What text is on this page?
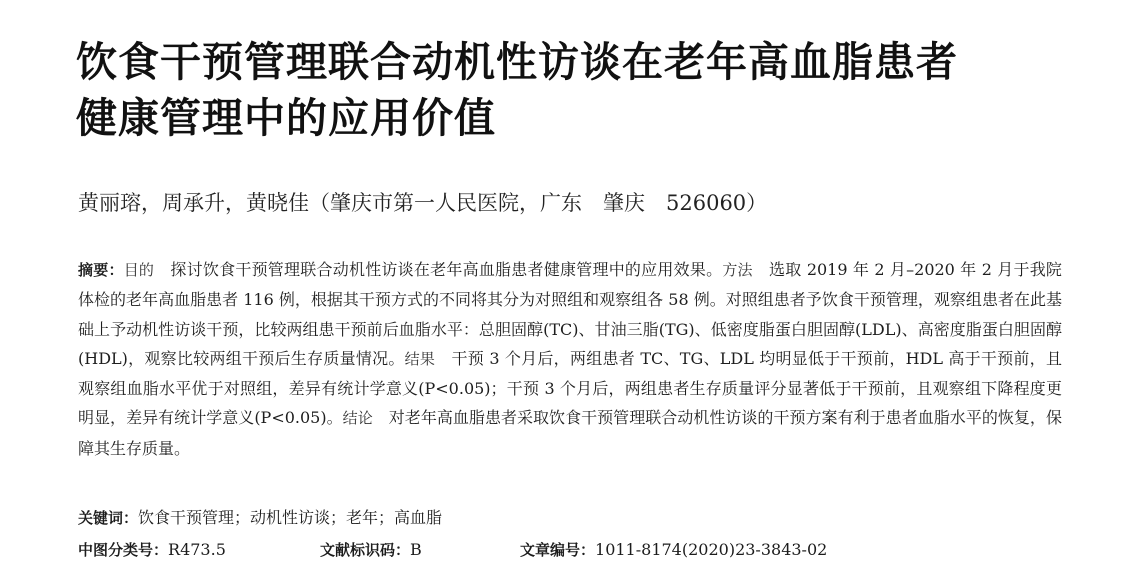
饮食干预管理联合动机性访谈在老年高血脂患者
健康管理中的应用价值
黄丽瑢，周承升，黄晓佳（肇庆市第一人民医院，广东　肇庆　526060）
摘要：目的　 探讨饮食干预管理联合动机性访谈在老年高血脂患者健康管理中的应用效果。方法　 选取 2019 年 2 月–2020 年 2 月于我院体检的老年高血脂患者 116 例，根据其干预方式的不同将其分为对照组和观察组各 58 例。对照组患者予饮食干预管理，观察组患者在此基础上予动机性访谈干预，比较两组患干预前后血脂水平：总胆固醇(TC)、甘油三脂(TG)、低密度脂蛋白胆固醇(LDL)、高密度脂蛋白胆固醇(HDL)，观察比较两组干预后生存质量情况。结果　 干预 3 个月后，两组患者 TC、TG、LDL 均明显低于干预前，HDL 高于干预前，且观察组血脂水平优于对照组，差异有统计学意义(P<0.05)；干预 3 个月后，两组患者生存质量评分显著低于干预前，且观察组下降程度更明显，差异有统计学意义(P<0.05)。结论　 对老年高血脂患者采取饮食干预管理联合动机性访谈的干预方案有利于患者血脂水平的恢复，保障其生存质量。
关键词：饮食干预管理；动机性访谈；老年；高血脂
中图分类号：R473.5	文献标识码：B	文章编号：1011-8174(2020)23-3843-02
